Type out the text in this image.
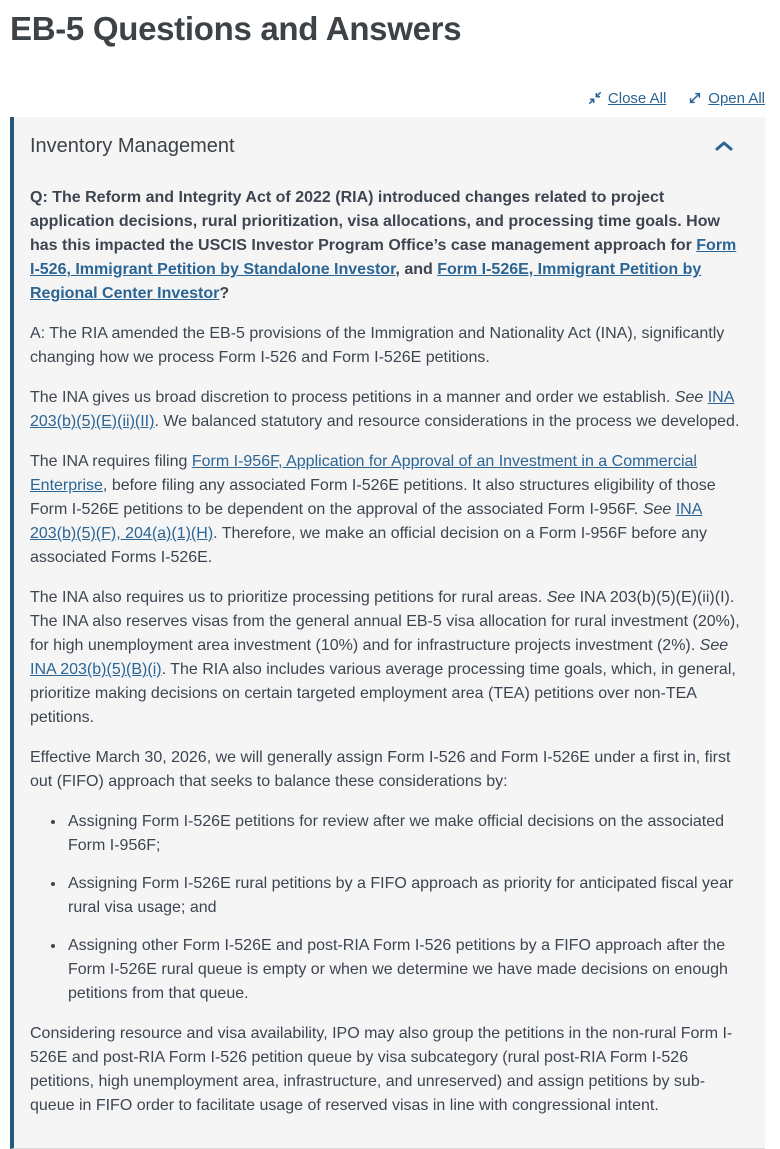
EB-5 Questions and Answers
Close All	Open All
Inventory Management

Q: The Reform and Integrity Act of 2022 (RIA) introduced changes related to project application decisions, rural prioritization, visa allocations, and processing time goals. How has this impacted the USCIS Investor Program Office’s case management approach for Form I-526, Immigrant Petition by Standalone Investor, and Form I-526E, Immigrant Petition by Regional Center Investor?

A: The RIA amended the EB-5 provisions of the Immigration and Nationality Act (INA), significantly changing how we process Form I-526 and Form I-526E petitions.

The INA gives us broad discretion to process petitions in a manner and order we establish. See INA 203(b)(5)(E)(ii)(II). We balanced statutory and resource considerations in the process we developed.

The INA requires filing Form I-956F, Application for Approval of an Investment in a Commercial Enterprise, before filing any associated Form I-526E petitions. It also structures eligibility of those Form I-526E petitions to be dependent on the approval of the associated Form I-956F. See INA 203(b)(5)(F), 204(a)(1)(H). Therefore, we make an official decision on a Form I-956F before any associated Forms I-526E.

The INA also requires us to prioritize processing petitions for rural areas. See INA 203(b)(5)(E)(ii)(I). The INA also reserves visas from the general annual EB-5 visa allocation for rural investment (20%), for high unemployment area investment (10%) and for infrastructure projects investment (2%). See INA 203(b)(5)(B)(i). The RIA also includes various average processing time goals, which, in general, prioritize making decisions on certain targeted employment area (TEA) petitions over non-TEA petitions.

Effective March 30, 2026, we will generally assign Form I-526 and Form I-526E under a first in, first out (FIFO) approach that seeks to balance these considerations by:

• Assigning Form I-526E petitions for review after we make official decisions on the associated Form I-956F;
• Assigning Form I-526E rural petitions by a FIFO approach as priority for anticipated fiscal year rural visa usage; and
• Assigning other Form I-526E and post-RIA Form I-526 petitions by a FIFO approach after the Form I-526E rural queue is empty or when we determine we have made decisions on enough petitions from that queue.

Considering resource and visa availability, IPO may also group the petitions in the non-rural Form I-526E and post-RIA Form I-526 petition queue by visa subcategory (rural post-RIA Form I-526 petitions, high unemployment area, infrastructure, and unreserved) and assign petitions by sub-queue in FIFO order to facilitate usage of reserved visas in line with congressional intent.
